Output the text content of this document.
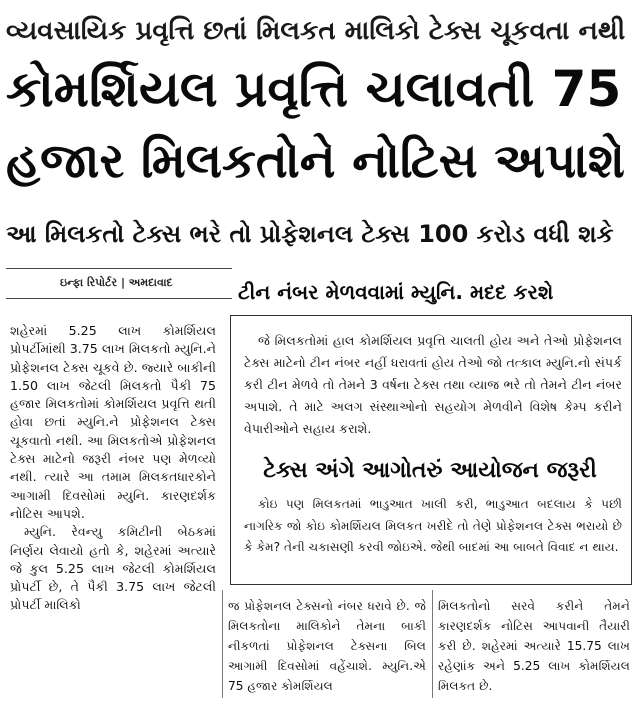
વ્યવસાયિક પ્રવૃત્તિ છતાં મિલકત માલિકો ટેક્સ ચૂકવતા નથી
કોમર્શિયલ પ્રવૃત્તિ ચલાવતી 75
હજાર મિલકતોને નોટિસ અપાશે
આ મિલકતો ટેક્સ ભરે તો પ્રોફેશનલ ટેક્સ 100 કરોડ વધી શકે
ઇન્ફા રિપોર્ટર | અમદાવાદ

શહેરમાં 5.25 લાખ કોમર્શિયલ પ્રોપર્ટીમાંથી 3.75 લાખ મિલકતો મ્યુનિ.ને પ્રોફેશનલ ટેક્સ ચૂકવે છે. જ્યારે બાકીની 1.50 લાખ જેટલી મિલકતો પૈકી 75 હજાર મિલકતોમાં કોમર્શિયલ પ્રવૃત્તિ થતી હોવા છતાં મ્યુનિ.ને પ્રોફેશનલ ટેક્સ ચૂકવાતો નથી. આ મિલકતોએ પ્રોફેશનલ ટેક્સ માટેનો જરૂરી નંબર પણ મેળવ્યો નથી. ત્યારે આ તમામ મિલકતધારકોને આગામી દિવસોમાં મ્યુનિ. કારણદર્શક નોટિસ આપશે.

મ્યુનિ. રેવન્યુ કમિટીની બેઠકમાં નિર્ણય લેવાયો હતો કે, શહેરમાં અત્યારે જે કુલ 5.25 લાખ જેટલી કોમર્શિયલ પ્રોપર્ટી છે, તે પૈકી 3.75 લાખ જેટલી પ્રોપર્ટી માલિકો

ટીન નંબર મેળવવામાં મ્યુનિ. મદદ કરશે

જે મિલકતોમાં હાલ કોમર્શિયલ પ્રવૃત્તિ ચાલતી હોય અને તેઓ પ્રોફેશનલ ટેક્સ માટેનો ટીન નંબર નહીં ધરાવતાં હોય તેઓ જો તત્કાલ મ્યુનિ.નો સંપર્ક કરી ટીન મેળવે તો તેમને 3 વર્ષના ટેક્સ તથા વ્યાજ ભરે તો તેમને ટીન નંબર અપાશે. તે માટે અલગ સંસ્થાઓનો સહયોગ મેળવીને વિશેષ કેમ્પ કરીને વેપારીઓને સહાય કરાશે.

ટેક્સ અંગે આગોતરું આયોજન જરૂરી

કોઇ પણ મિલકતમાં ભાડુઆત ખાલી કરી, ભાડુઆત બદલાય કે પછી નાગરિક જો કોઇ કોમર્શિયલ મિલકત ખરીદે તો તેણે પ્રોફેશનલ ટેક્સ ભરાયો છે કે કેમ? તેની ચકાસણી કરવી જોઇએ. જેથી બાદમાં આ બાબતે વિવાદ ન થાય.

જ પ્રોફેશનલ ટેક્સનો નંબર ધરાવે છે. જે મિલકતોના માલિકોને તેમના બાકી નીકળતાં પ્રોફેશનલ ટેક્સના બિલ આગામી દિવસોમાં વહેંચાશે. મ્યુનિ.એ 75 હજાર કોમર્શિયલ

મિલકતોનો સરવે કરીને તેમને કારણદર્શક નોટિસ આપવાની તૈયારી કરી છે. શહેરમાં અત્યારે 15.75 લાખ રહેણાંક અને 5.25 લાખ કોમર્શિયલ મિલકત છે.
